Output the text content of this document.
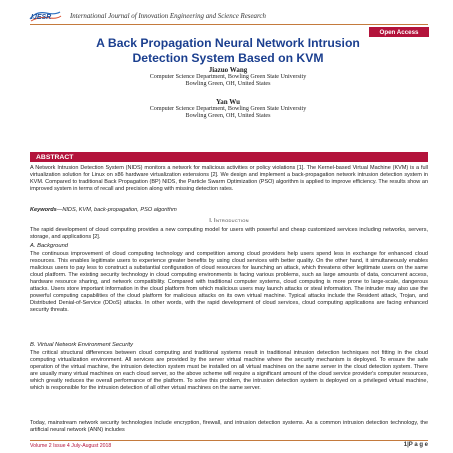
IJESR	International Journal of Innovation Engineering and Science Research
Open Access
A Back Propagation Neural Network Intrusion
Detection System Based on KVM
Jiazuo Wang
Computer Science Department, Bowling Green State University
Bowling Green, OH, United States
Yan Wu
Computer Science Department, Bowling Green State University
Bowling Green, OH, United States
ABSTRACT
A Network Intrusion Detection System (NIDS) monitors a network for malicious activities or policy violations [1]. The Kernel-based Virtual Machine (KVM) is a full virtualization solution for Linux on x86 hardware virtualization extensions [2]. We design and implement a back-propagation network intrusion detection system in KVM. Compared to traditional Back Propagation (BP) NIDS, the Particle Swarm Optimization (PSO) algorithm is applied to improve efficiency. The results show an improved system in terms of recall and precision along with missing detection rates.
Keywords—NIDS, KVM, back-propagation, PSO algorithm
I. Introduction
The rapid development of cloud computing provides a new computing model for users with powerful and cheap customized services including networks, servers, storage, and applications [2].
A. Background
The continuous improvement of cloud computing technology and competition among cloud providers help users spend less in exchange for enhanced cloud resources. This enables legitimate users to experience greater benefits by using cloud services with better quality. On the other hand, it simultaneously enables malicious users to pay less to construct a substantial configuration of cloud resources for launching an attack, which threatens other legitimate users on the same cloud platform. The existing security technology in cloud computing environments is facing various problems, such as large amounts of data, concurrent access, hardware resource sharing, and network compatibility. Compared with traditional computer systems, cloud computing is more prone to large-scale, dangerous attacks. Users store important information in the cloud platform from which malicious users may launch attacks or steal information. The intruder may also use the powerful computing capabilities of the cloud platform for malicious attacks on its own virtual machine. Typical attacks include the Resident attack, Trojan, and Distributed Denial-of-Service (DDoS) attacks. In other words, with the rapid development of cloud services, cloud computing applications are facing enhanced security threats.
B. Virtual Network Environment Security
The critical structural differences between cloud computing and traditional systems result in traditional intrusion detection techniques not fitting in the cloud computing virtualization environment. All services are provided by the server virtual machine where the security mechanism is deployed. To ensure the safe operation of the virtual machine, the intrusion detection system must be installed on all virtual machines on the same server in the cloud detection system. There are usually many virtual machines on each cloud server, so the above scheme will require a significant amount of the cloud service provider's computer resources, which greatly reduces the overall performance of the platform. To solve this problem, the intrusion detection system is deployed on a privileged virtual machine, which is responsible for the intrusion detection of all other virtual machines on the same server.
Today, mainstream network security technologies include encryption, firewall, and intrusion detection systems. As a common intrusion detection technology, the artificial neural network (ANN) includes
Volume 2 Issue 4 July-August 2018	1|P a g e
